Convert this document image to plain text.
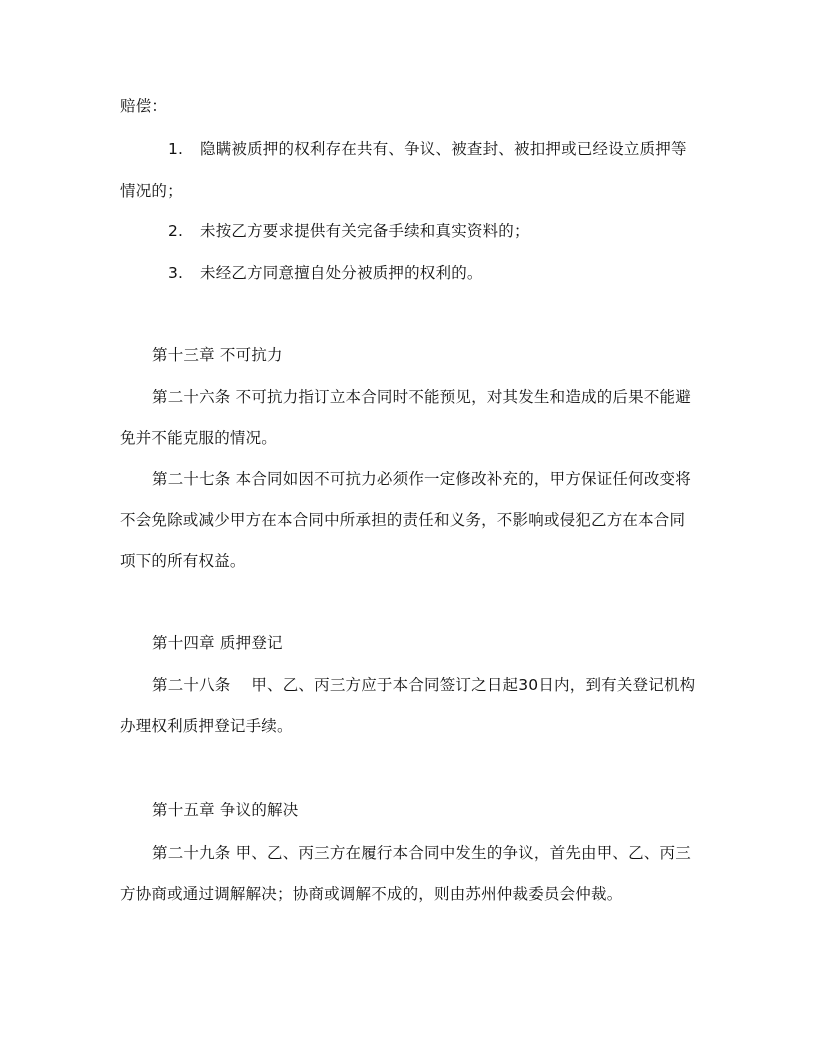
赔偿：
1. 隐瞒被质押的权利存在共有、争议、被查封、被扣押或已经设立质押等
情况的；
2. 未按乙方要求提供有关完备手续和真实资料的；
3. 未经乙方同意擅自处分被质押的权利的。
第十三章 不可抗力
第二十六条 不可抗力指订立本合同时不能预见，对其发生和造成的后果不能避
免并不能克服的情况。
第二十七条 本合同如因不可抗力必须作一定修改补充的，甲方保证任何改变将
不会免除或减少甲方在本合同中所承担的责任和义务，不影响或侵犯乙方在本合同
项下的所有权益。
第十四章 质押登记
第二十八条　 甲、乙、丙三方应于本合同签订之日起30日内，到有关登记机构
办理权利质押登记手续。
第十五章 争议的解决
第二十九条 甲、乙、丙三方在履行本合同中发生的争议，首先由甲、乙、丙三
方协商或通过调解解决；协商或调解不成的，则由苏州仲裁委员会仲裁。
